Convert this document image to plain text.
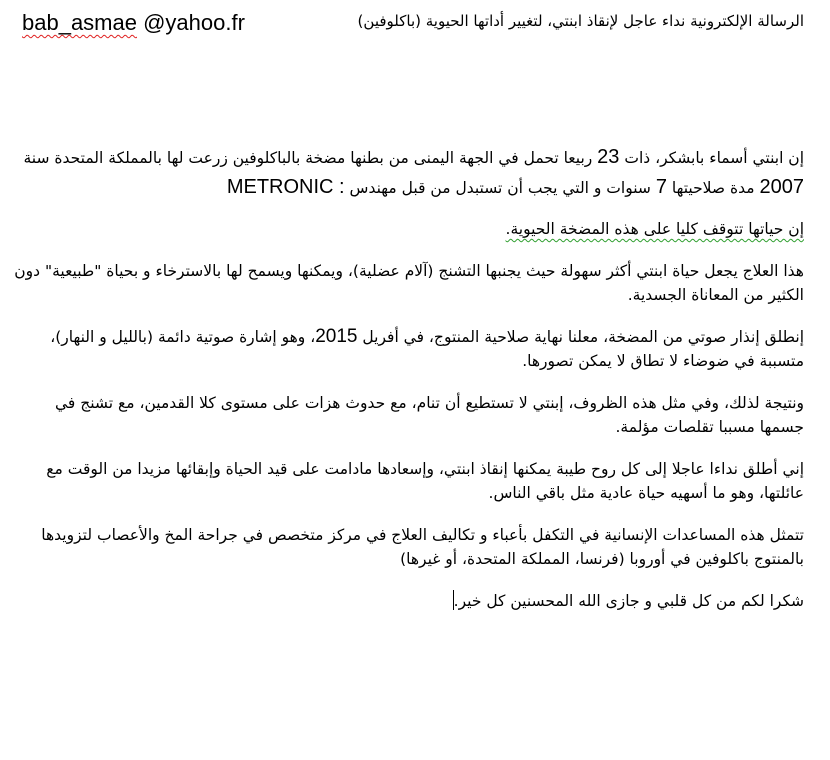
bab_asmae @yahoo.fr	الرسالة الإلكترونية نداء عاجل لإنقاذ ابنتي، لتغيير أداتها الحيوية (باكلوفين)

إن ابنتي أسماء بابشكر، ذات 23 ربيعا تحمل في الجهة اليمنى من بطنها مضخة بالباكلوفين زرعت لها بالمملكة المتحدة سنة 2007 مدة صلاحيتها 7 سنوات و التي يجب أن تستبدل من قبل مهندس METRONIC :

إن حياتها تتوقف كليا على هذه المضخة الحيوية.

هذا العلاج يجعل حياة ابنتي أكثر سهولة حيث يجنبها التشنج (آلام عضلية)، ويمكنها ويسمح لها بالاسترخاء و بحياة "طبيعية" دون الكثير من المعاناة الجسدية.

إنطلق إنذار صوتي من المضخة، معلنا نهاية صلاحية المنتوج، في أفريل 2015، وهو إشارة صوتية دائمة (بالليل و النهار)، متسببة في ضوضاء لا تطاق لا يمكن تصورها.

ونتيجة لذلك، وفي مثل هذه الظروف، إبنتي لا تستطيع أن تنام، مع حدوث هزات على مستوى كلا القدمين، مع تشنج في جسمها مسببا تقلصات مؤلمة.

إني أطلق نداءا عاجلا إلى كل روح طيبة يمكنها إنقاذ ابنتي، وإسعادها مادامت على قيد الحياة وإبقائها مزيدا من الوقت مع عائلتها، وهو ما أسهيه حياة عادية مثل باقي الناس.

تتمثل هذه المساعدات الإنسانية في التكفل بأعباء و تكاليف العلاج في مركز متخصص في جراحة المخ والأعصاب لتزويدها بالمنتوج باكلوفين في أوروبا (فرنسا، المملكة المتحدة، أو غيرها)

شكرا لكم من كل قلبي و جازى الله المحسنين كل خير.
